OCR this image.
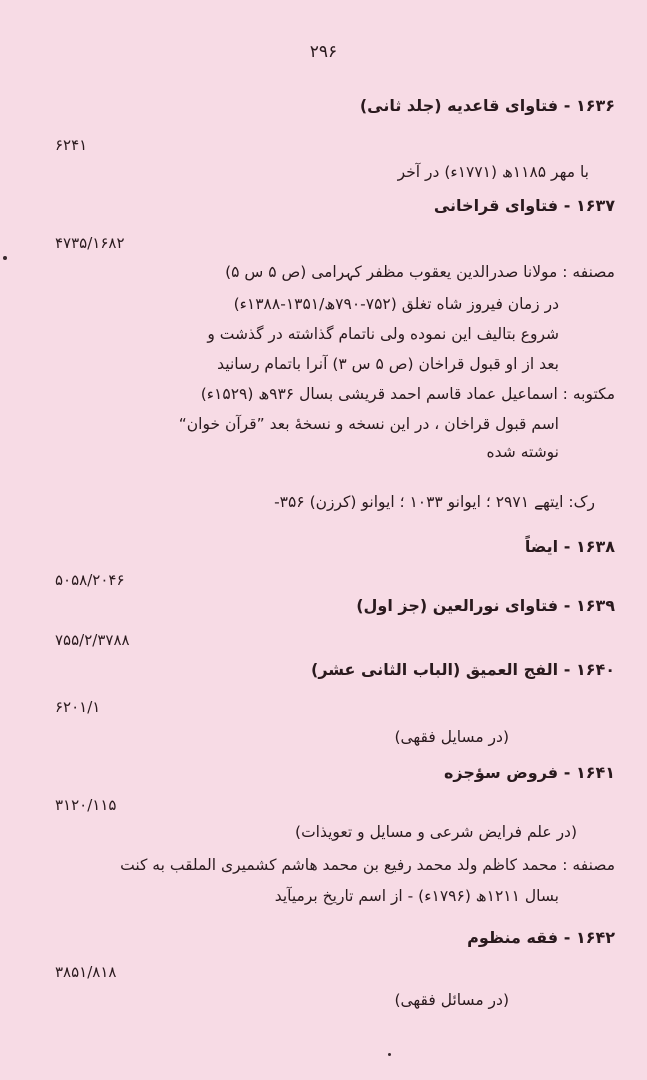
۲۹۶
۱۶۳۶ - فتاوای قاعدیه (جلد ثانی)
۶۲۴۱
با مهر ۱۱۸۵ھ (۱۷۷۱ء) در آخر
۱۶۳۷ - فتاوای قراخانی
۴۷۳۵/۱۶۸۲
مصنفه : مولانا صدرالدین یعقوب مظفر کہرامی (ص ۵ س ۵)
در زمان فیروز شاه تغلق (۷۵۲-۷۹۰ھ/۱۳۵۱-۱۳۸۸ء)
شروع بتالیف این نموده ولی ناتمام گذاشته در گذشت و
بعد از او قبول قراخان (ص ۵ س ۳) آنرا باتمام رسانید
مکتوبه : اسماعیل عماد قاسم احمد قریشی بسال ۹۳۶ھ (۱۵۲۹ء)
اسم قبول قراخان ، در این نسخه و نسخهٔ بعد ”قرآن خوان“
نوشته شده
رک: ایتھے ۲۹۷۱ ؛ ایوانو ۱۰۳۳ ؛ ایوانو (کرزن) ۳۵۶-
۱۶۳۸ - ایضاً
۵۰۵۸/۲۰۴۶
۱۶۳۹ - فتاوای نورالعین (جز اول)
۷۵۵/۲/۳۷۸۸
۱۶۴۰ - الفج العمیق (الباب الثانی عشر)
۶۲۰۱/۱
(در مسایل فقهی)
۱۶۴۱ - فروض سؤجزه
۳۱۲۰/۱۱۵
(در علم فرایض شرعی و مسایل و تعویذات)
مصنفه : محمد کاظم ولد محمد رفیع بن محمد هاشم کشمیری الملقب به کنت
بسال ۱۲۱۱ھ (۱۷۹۶ء) - از اسم تاریخ برمیآید
۱۶۴۲ - فقه منظوم
۳۸۵۱/۸۱۸
(در مسائل فقهی)
